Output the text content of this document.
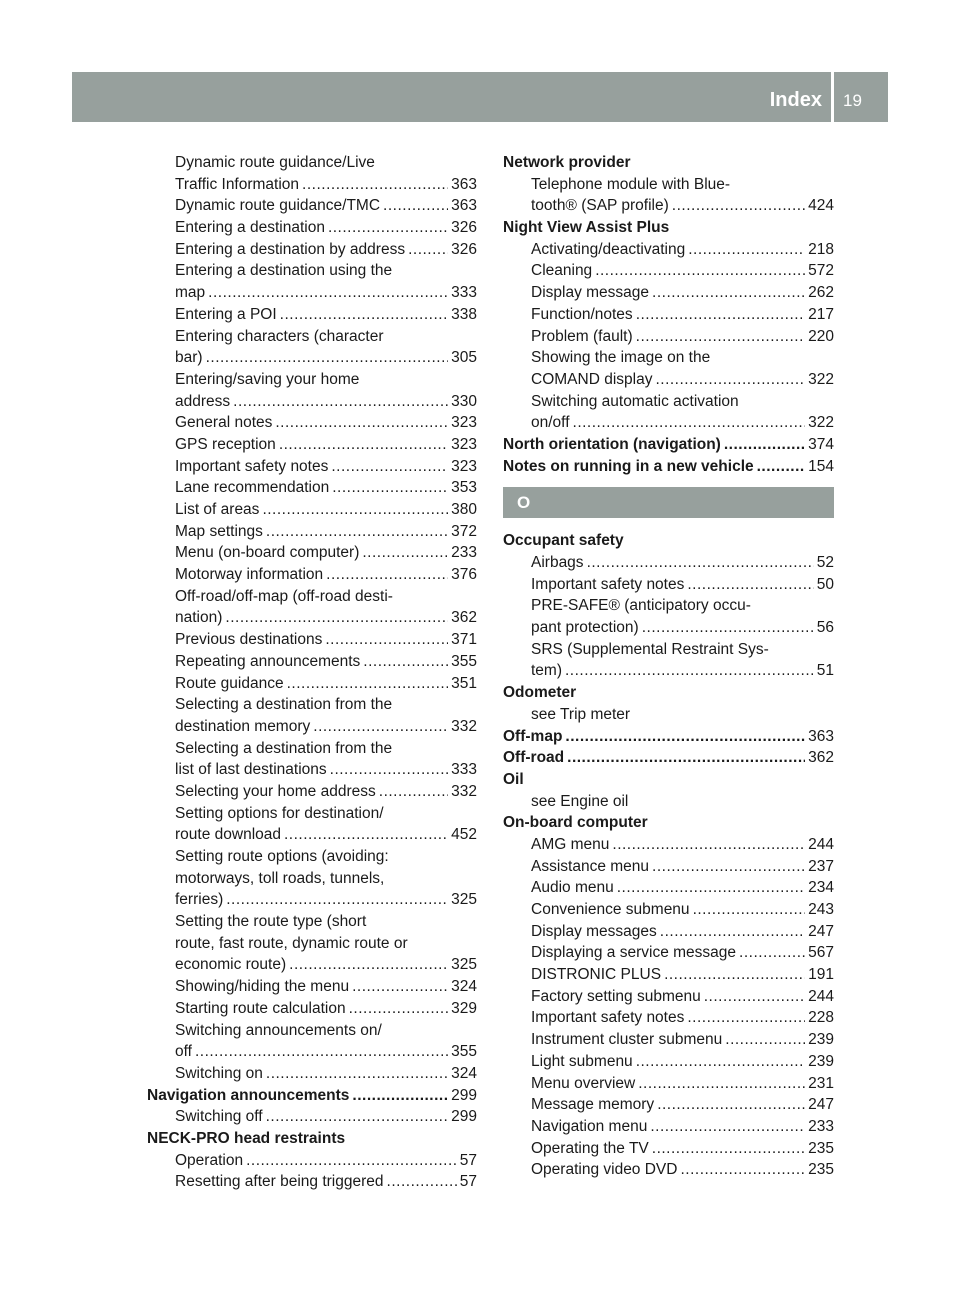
Index 19
Dynamic route guidance/Live
Traffic Information .....	363
Dynamic route guidance/TMC .....	363
Entering a destination .....	326
Entering a destination by address .....	326
Entering a destination using the
map .....	333
Entering a POI .....	338
Entering characters (character
bar) .....	305
Entering/saving your home
address .....	330
General notes .....	323
GPS reception .....	323
Important safety notes .....	323
Lane recommendation .....	353
List of areas .....	380
Map settings .....	372
Menu (on-board computer) .....	233
Motorway information .....	376
Off-road/off-map (off-road desti-
nation) .....	362
Previous destinations .....	371
Repeating announcements .....	355
Route guidance .....	351
Selecting a destination from the
destination memory .....	332
Selecting a destination from the
list of last destinations .....	333
Selecting your home address .....	332
Setting options for destination/
route download .....	452
Setting route options (avoiding:
motorways, toll roads, tunnels,
ferries) .....	325
Setting the route type (short
route, fast route, dynamic route or
economic route) .....	325
Showing/hiding the menu .....	324
Starting route calculation .....	329
Switching announcements on/
off .....	355
Switching on .....	324
Navigation announcements .....	299
Switching off .....	299
NECK-PRO head restraints
Operation .....	57
Resetting after being triggered .....	57
Network provider
Telephone module with Blue-
tooth® (SAP profile) .....	424
Night View Assist Plus
Activating/deactivating .....	218
Cleaning .....	572
Display message .....	262
Function/notes .....	217
Problem (fault) .....	220
Showing the image on the
COMAND display .....	322
Switching automatic activation
on/off .....	322
North orientation (navigation) .....	374
Notes on running in a new vehicle .....	154
O
Occupant safety
Airbags .....	52
Important safety notes .....	50
PRE-SAFE® (anticipatory occu-
pant protection) .....	56
SRS (Supplemental Restraint Sys-
tem) .....	51
Odometer
see Trip meter
Off-map .....	363
Off-road .....	362
Oil
see Engine oil
On-board computer
AMG menu .....	244
Assistance menu .....	237
Audio menu .....	234
Convenience submenu .....	243
Display messages .....	247
Displaying a service message .....	567
DISTRONIC PLUS .....	191
Factory setting submenu .....	244
Important safety notes .....	228
Instrument cluster submenu .....	239
Light submenu .....	239
Menu overview .....	231
Message memory .....	247
Navigation menu .....	233
Operating the TV .....	235
Operating video DVD .....	235
